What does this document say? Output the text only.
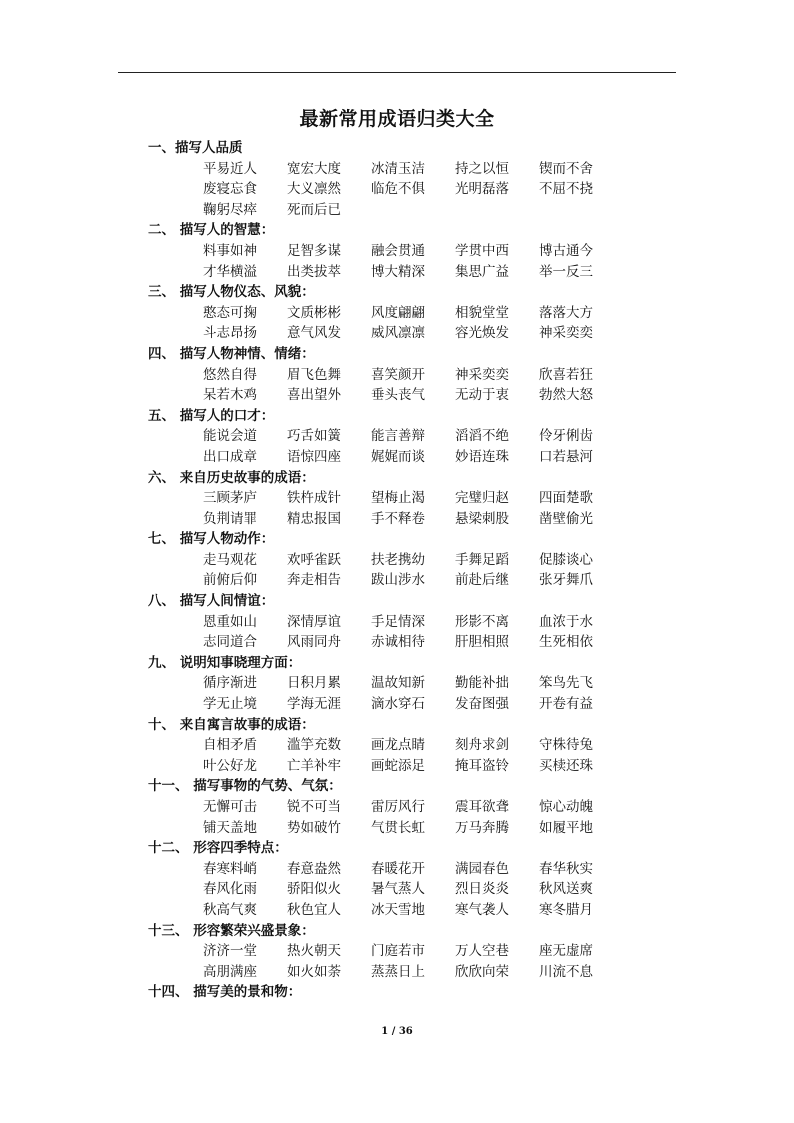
最新常用成语归类大全
一、描写人品质
平易近人 宽宏大度 冰清玉洁 持之以恒 锲而不舍
废寝忘食 大义凛然 临危不俱 光明磊落 不屈不挠
鞠躬尽瘁 死而后已
二、 描写人的智慧：
料事如神 足智多谋 融会贯通 学贯中西 博古通今
才华横溢 出类拔萃 博大精深 集思广益 举一反三
三、 描写人物仪态、风貌：
憨态可掬 文质彬彬 风度翩翩 相貌堂堂 落落大方
斗志昂扬 意气风发 威风凛凛 容光焕发 神采奕奕
四、 描写人物神情、情绪：
悠然自得 眉飞色舞 喜笑颜开 神采奕奕 欣喜若狂
呆若木鸡 喜出望外 垂头丧气 无动于衷 勃然大怒
五、 描写人的口才：
能说会道 巧舌如簧 能言善辩 滔滔不绝 伶牙俐齿
出口成章 语惊四座 娓娓而谈 妙语连珠 口若悬河
六、 来自历史故事的成语：
三顾茅庐 铁杵成针 望梅止渴 完璧归赵 四面楚歌
负荆请罪 精忠报国 手不释卷 悬梁刺股 凿壁偷光
七、 描写人物动作：
走马观花 欢呼雀跃 扶老携幼 手舞足蹈 促膝谈心
前俯后仰 奔走相告 跋山涉水 前赴后继 张牙舞爪
八、 描写人间情谊：
恩重如山 深情厚谊 手足情深 形影不离 血浓于水
志同道合 风雨同舟 赤诚相待 肝胆相照 生死相依
九、 说明知事晓理方面：
循序渐进 日积月累 温故知新 勤能补拙 笨鸟先飞
学无止境 学海无涯 滴水穿石 发奋图强 开卷有益
十、 来自寓言故事的成语：
自相矛盾 滥竽充数 画龙点睛 刻舟求剑 守株待兔
叶公好龙 亡羊补牢 画蛇添足 掩耳盗铃 买椟还珠
十一、 描写事物的气势、气氛：
无懈可击 锐不可当 雷厉风行 震耳欲聋 惊心动魄
铺天盖地 势如破竹 气贯长虹 万马奔腾 如履平地
十二、 形容四季特点：
春寒料峭 春意盎然 春暖花开 满园春色 春华秋实
春风化雨 骄阳似火 暑气蒸人 烈日炎炎 秋风送爽
秋高气爽 秋色宜人 冰天雪地 寒气袭人 寒冬腊月
十三、 形容繁荣兴盛景象：
济济一堂 热火朝天 门庭若市 万人空巷 座无虚席
高朋满座 如火如荼 蒸蒸日上 欣欣向荣 川流不息
十四、 描写美的景和物：
1 / 36
